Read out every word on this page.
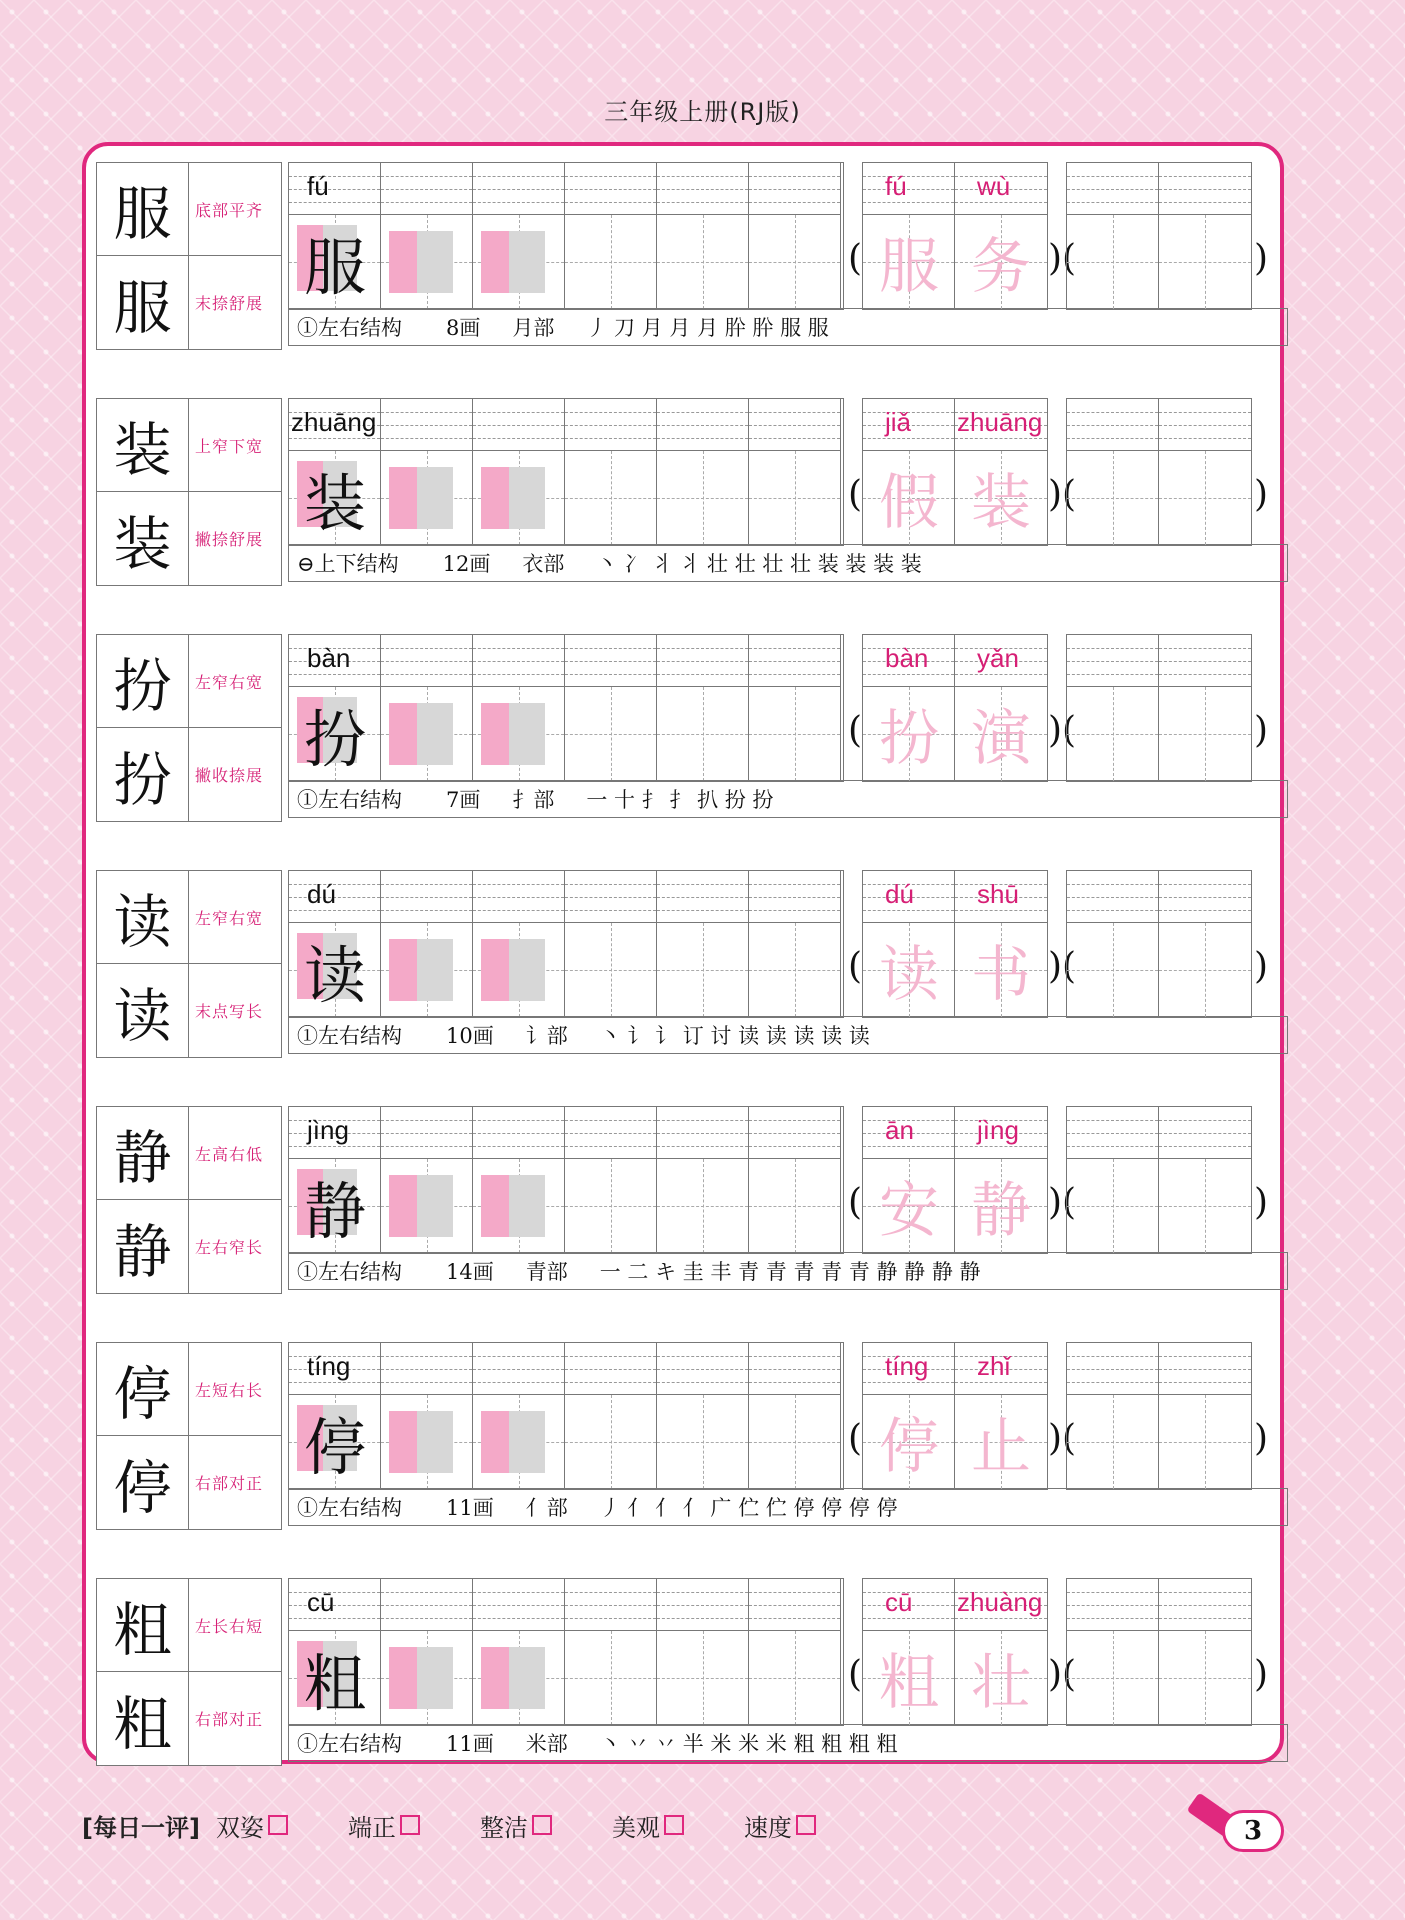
三年级上册(RJ版)
服	底部平齐
服	末捺舒展
fú
服
①左右结构 8画 月部 丿 刀 月 月 月 肸 肸 服 服
(	)(	)
fú
服
wù
务
装	上窄下宽
装	撇捺舒展
zhuāng
装
⊖上下结构 12画 衣部 丶 冫 丬 丬 壮 壮 壮 壮 装 装 装 装
(	)(	)
jiǎ
假
zhuāng
装
扮	左窄右宽
扮	撇收捺展
bàn
扮
①左右结构 7画 扌部 一 十 扌 扌 扒 扮 扮
(	)(	)
bàn
扮
yǎn
演
读	左窄右宽
读	末点写长
dú
读
①左右结构 10画 讠部 丶 讠 讠 订 讨 读 读 读 读 读
(	)(	)
dú
读
shū
书
静	左高右低
静	左右窄长
jìng
静
①左右结构 14画 青部 一 二 キ 圭 丰 青 青 青 青 青 静 静 静 静
(	)(	)
ān
安
jìng
静
停	左短右长
停	右部对正
tíng
停
①左右结构 11画 亻部 丿 亻 亻 亻 广 伫 伫 停 停 停 停
(	)(	)
tíng
停
zhǐ
止
粗	左长右短
粗	右部对正
cū
粗
①左右结构 11画 米部 丶 丷 丷 半 米 米 米 粗 粗 粗 粗
(	)(	)
cū
粗
zhuàng
壮
[每日一评] 双姿	端正	整洁	美观	速度	3
